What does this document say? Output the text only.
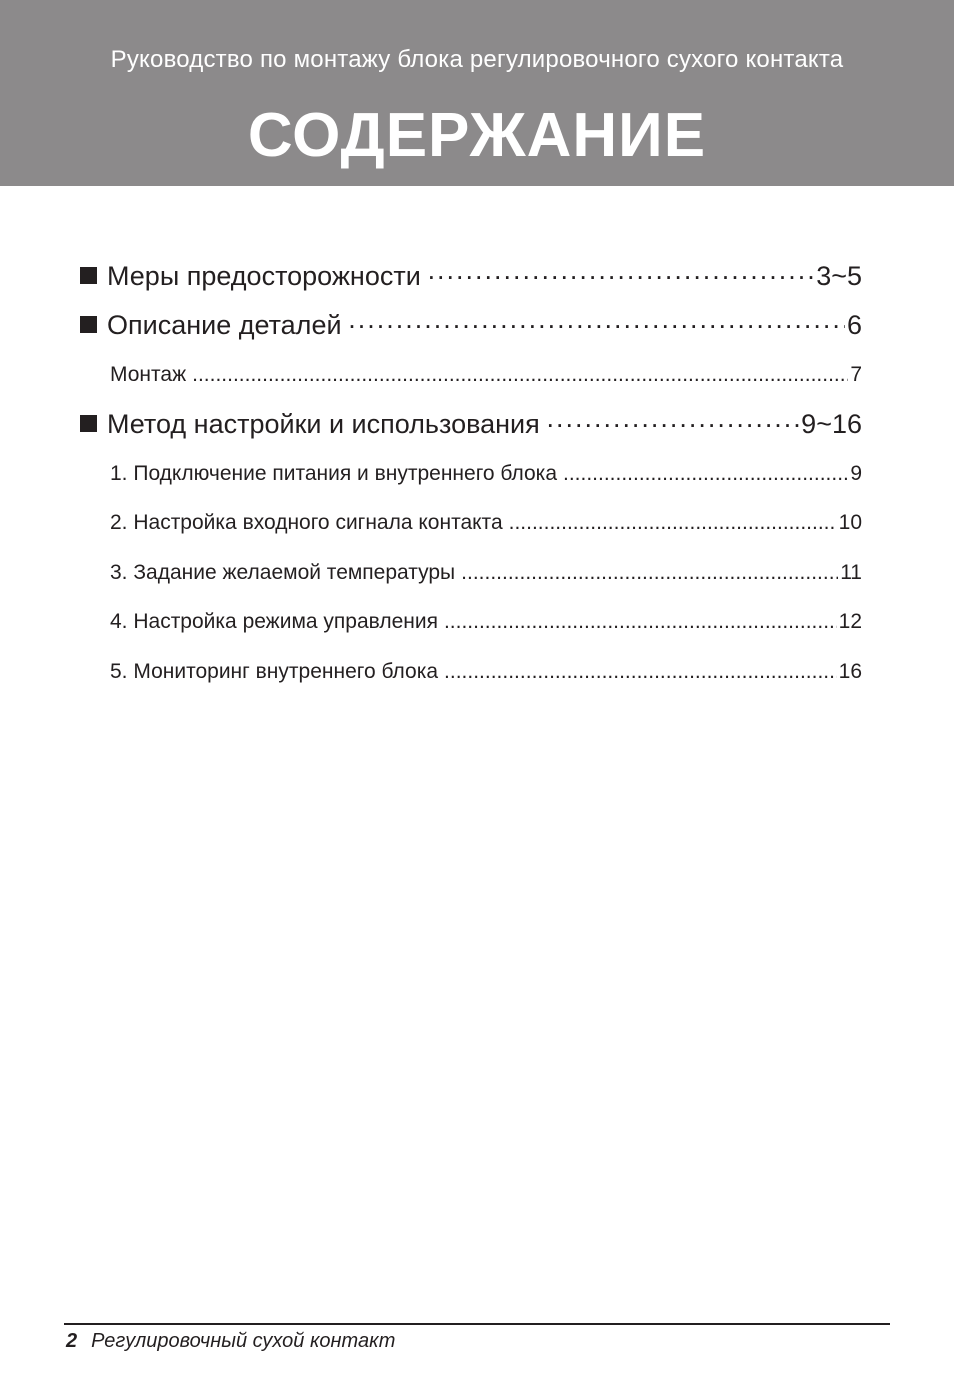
Руководство по монтажу блока регулировочного сухого контакта
СОДЕРЖАНИЕ
Меры предосторожности ·····	3~5
Описание деталей ·····	6
Монтаж .....	7
Метод настройки и использования ·····	9~16
1. Подключение питания и внутреннего блока .....	9
2. Настройка входного сигнала контакта .....	10
3. Задание желаемой температуры .....	11
4. Настройка режима управления .....	12
5. Мониторинг внутреннего блока .....	16
2 Регулировочный сухой контакт
